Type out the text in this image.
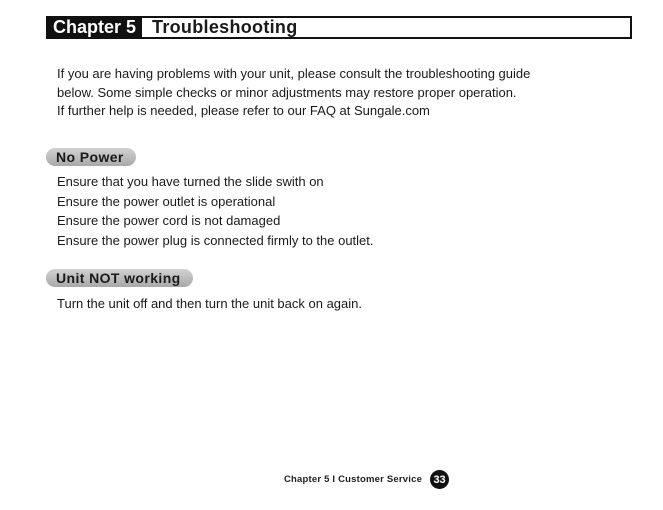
Chapter 5 Troubleshooting
If you are having problems with your unit, please consult the troubleshooting guide
below. Some simple checks or minor adjustments may restore proper operation.
If further help is needed, please refer to our FAQ at Sungale.com
No Power
Ensure that you have turned the slide swith on
Ensure the power outlet is operational
Ensure the power cord is not damaged
Ensure the power plug is connected firmly to the outlet.
Unit NOT working
Turn the unit off and then turn the unit back on again.
Chapter 5 I Customer Service	33
